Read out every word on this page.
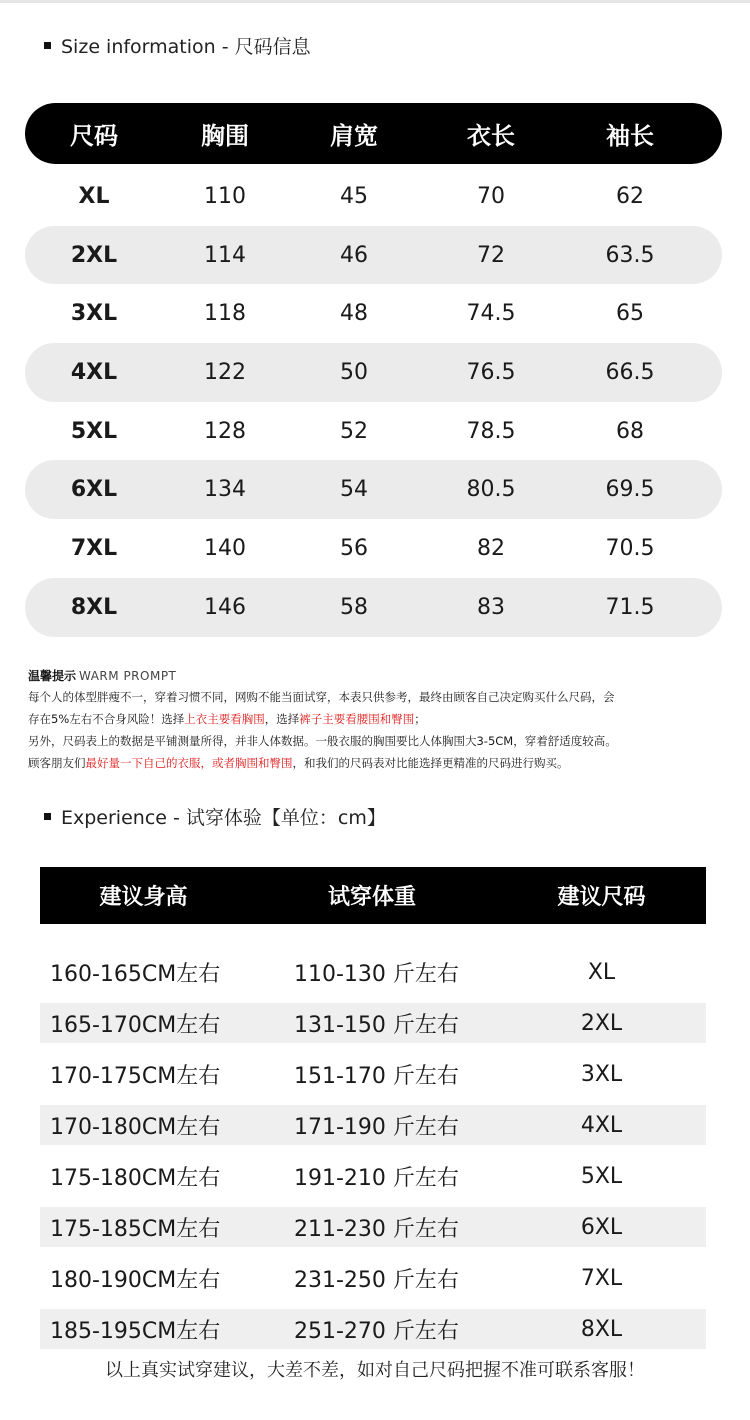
Size information - 尺码信息
尺码	胸围	肩宽	衣长	袖长
XL	110	45	70	62
2XL	114	46	72	63.5
3XL	118	48	74.5	65
4XL	122	50	76.5	66.5
5XL	128	52	78.5	68
6XL	134	54	80.5	69.5
7XL	140	56	82	70.5
8XL	146	58	83	71.5
温馨提示 WARM PROMPT
每个人的体型胖瘦不一，穿着习惯不同，网购不能当面试穿，本表只供参考，最终由顾客自己决定购买什么尺码，会
存在5%左右不合身风险！选择上衣主要看胸围，选择裤子主要看腰围和臀围；
另外，尺码表上的数据是平铺测量所得，并非人体数据。一般衣服的胸围要比人体胸围大3-5CM，穿着舒适度较高。
顾客朋友们最好量一下自己的衣服，或者胸围和臀围，和我们的尺码表对比能选择更精准的尺码进行购买。
Experience - 试穿体验【单位：cm】
建议身高	试穿体重	建议尺码
160-165CM左右	110-130 斤左右	XL
165-170CM左右	131-150 斤左右	2XL
170-175CM左右	151-170 斤左右	3XL
170-180CM左右	171-190 斤左右	4XL
175-180CM左右	191-210 斤左右	5XL
175-185CM左右	211-230 斤左右	6XL
180-190CM左右	231-250 斤左右	7XL
185-195CM左右	251-270 斤左右	8XL
以上真实试穿建议，大差不差，如对自己尺码把握不准可联系客服！
